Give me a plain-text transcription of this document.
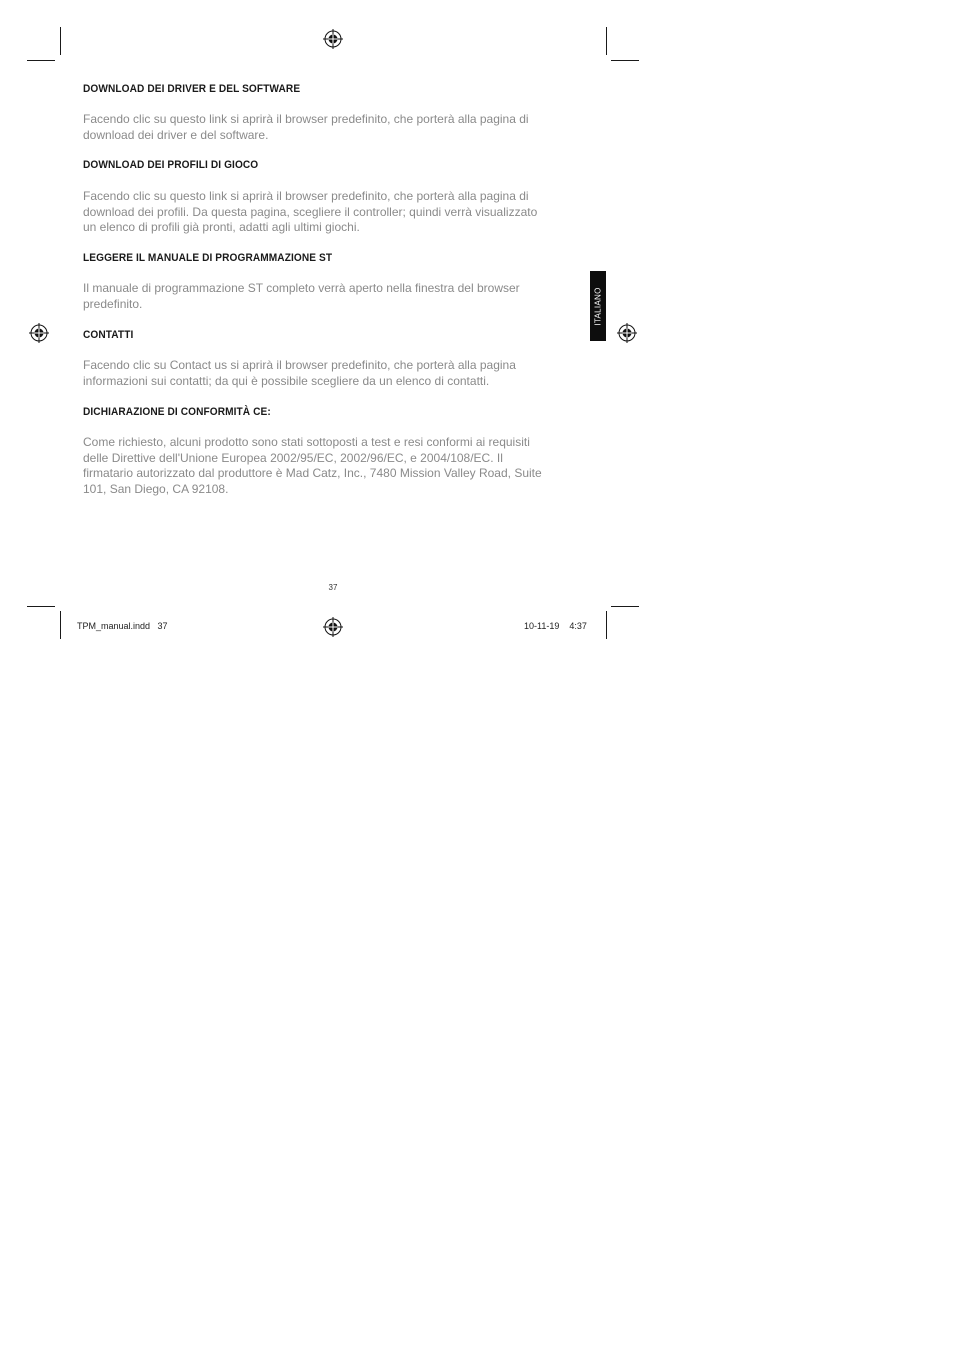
DOWNLOAD DEI DRIVER E DEL SOFTWARE

Facendo clic su questo link si aprirà il browser predefinito, che porterà alla pagina di

download dei driver e del software.

DOWNLOAD DEI PROFILI DI GIOCO

Facendo clic su questo link si aprirà il browser predefinito, che porterà alla pagina di

download dei profili. Da questa pagina, scegliere il controller; quindi verrà visualizzato

un elenco di profili già pronti, adatti agli ultimi giochi.

LEGGERE IL MANUALE DI PROGRAMMAZIONE ST

Il manuale di programmazione ST completo verrà aperto nella finestra del browser

predefinito.

CONTATTI

Facendo clic su Contact us si aprirà il browser predefinito, che porterà alla pagina

informazioni sui contatti; da qui è possibile scegliere da un elenco di contatti.

DICHIARAZIONE DI CONFORMITÀ CE:

Come richiesto, alcuni prodotto sono stati sottoposti a test e resi conformi ai requisiti

delle Direttive dell'Unione Europea 2002/95/EC, 2002/96/EC, e 2004/108/EC. Il

firmatario autorizzato dal produttore è Mad Catz, Inc., 7480 Mission Valley Road, Suite

101, San Diego, CA 92108.

ITALIANO
37
TPM_manual.indd   37	10-11-19    4:37
